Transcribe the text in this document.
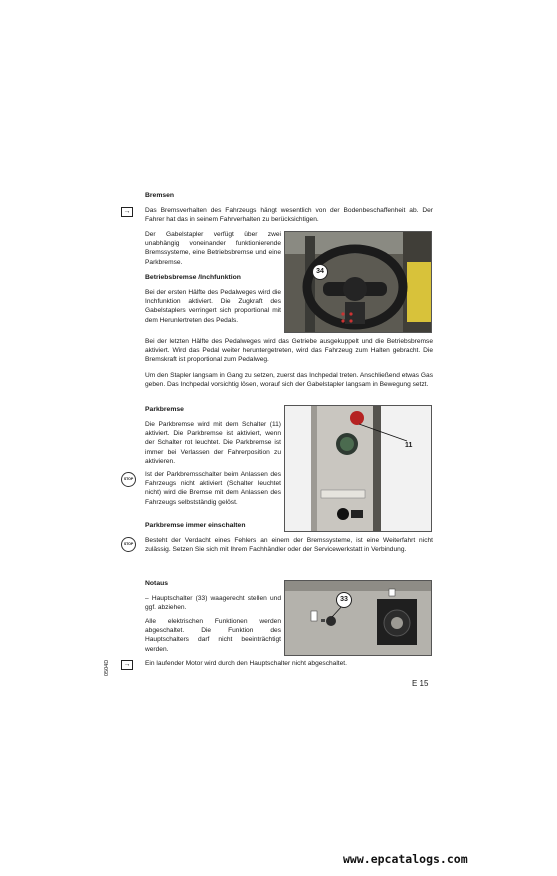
Bremsen
→	Das Bremsverhalten des Fahrzeugs hängt wesentlich von der Bodenbeschaffenheit ab. Der Fahrer hat das in seinem Fahrverhalten zu berücksichtigen.
Der Gabelstapler verfügt über zwei unabhängig voneinander funktionierende Bremssysteme, eine Betriebsbremse und eine Parkbremse.
34
Betriebsbremse /Inchfunktion
Bei der ersten Hälfte des Pedalweges wird die Inchfunktion aktiviert. Die Zugkraft des Gabelstaplers verringert sich proportional mit dem Herunlertreten des Pedals.
Bei der letzten Hälfte des Pedalweges wird das Getriebe ausgekuppelt und die Betriebsbremse aktiviert. Wird das Pedal weiter heruntergetreten, wird das Fahrzeug zum Halten gebracht. Die Bremskraft ist proportional zum Pedalweg.
Um den Stapler langsam in Gang zu setzen, zuerst das Inchpedal treten. Anschließend etwas Gas geben. Das Inchpedal vorsichtig lösen, worauf sich der Gabelstapler langsam in Bewegung setzt.
11
Parkbremse
Die Parkbremse wird mit dem Schalter (11) aktiviert. Die Parkbremse ist aktiviert, wenn der Schalter rot leuchtet. Die Parkbremse ist immer bei Verlassen der Fahrerposition zu aktivieren.
STOP
Ist der Parkbremsschalter beim Anlassen des Fahrzeugs nicht aktiviert (Schalter leuchtet nicht) wird die Bremse mit dem Anlassen des Fahrzeugs selbstständig gelöst.
Parkbremse immer einschalten
STOP	Besteht der Verdacht eines Fehlers an einem der Bremssysteme, ist eine Weiterfahrt nicht zulässig. Setzen Sie sich mit Ihrem Fachhändler oder der Servicewerkstatt in Verbindung.
33
Notaus
– Hauptschalter (33) waagerecht stellen und ggf. abziehen.
Alle elektrischen Funktionen werden abgeschaltet. Die Funktion des Hauptschalters darf nicht beeinträchtigt werden.
→	Ein laufender Motor wird durch den Hauptschalter nicht abgeschaltet.
0504D
E 15
www.epcatalogs.com
